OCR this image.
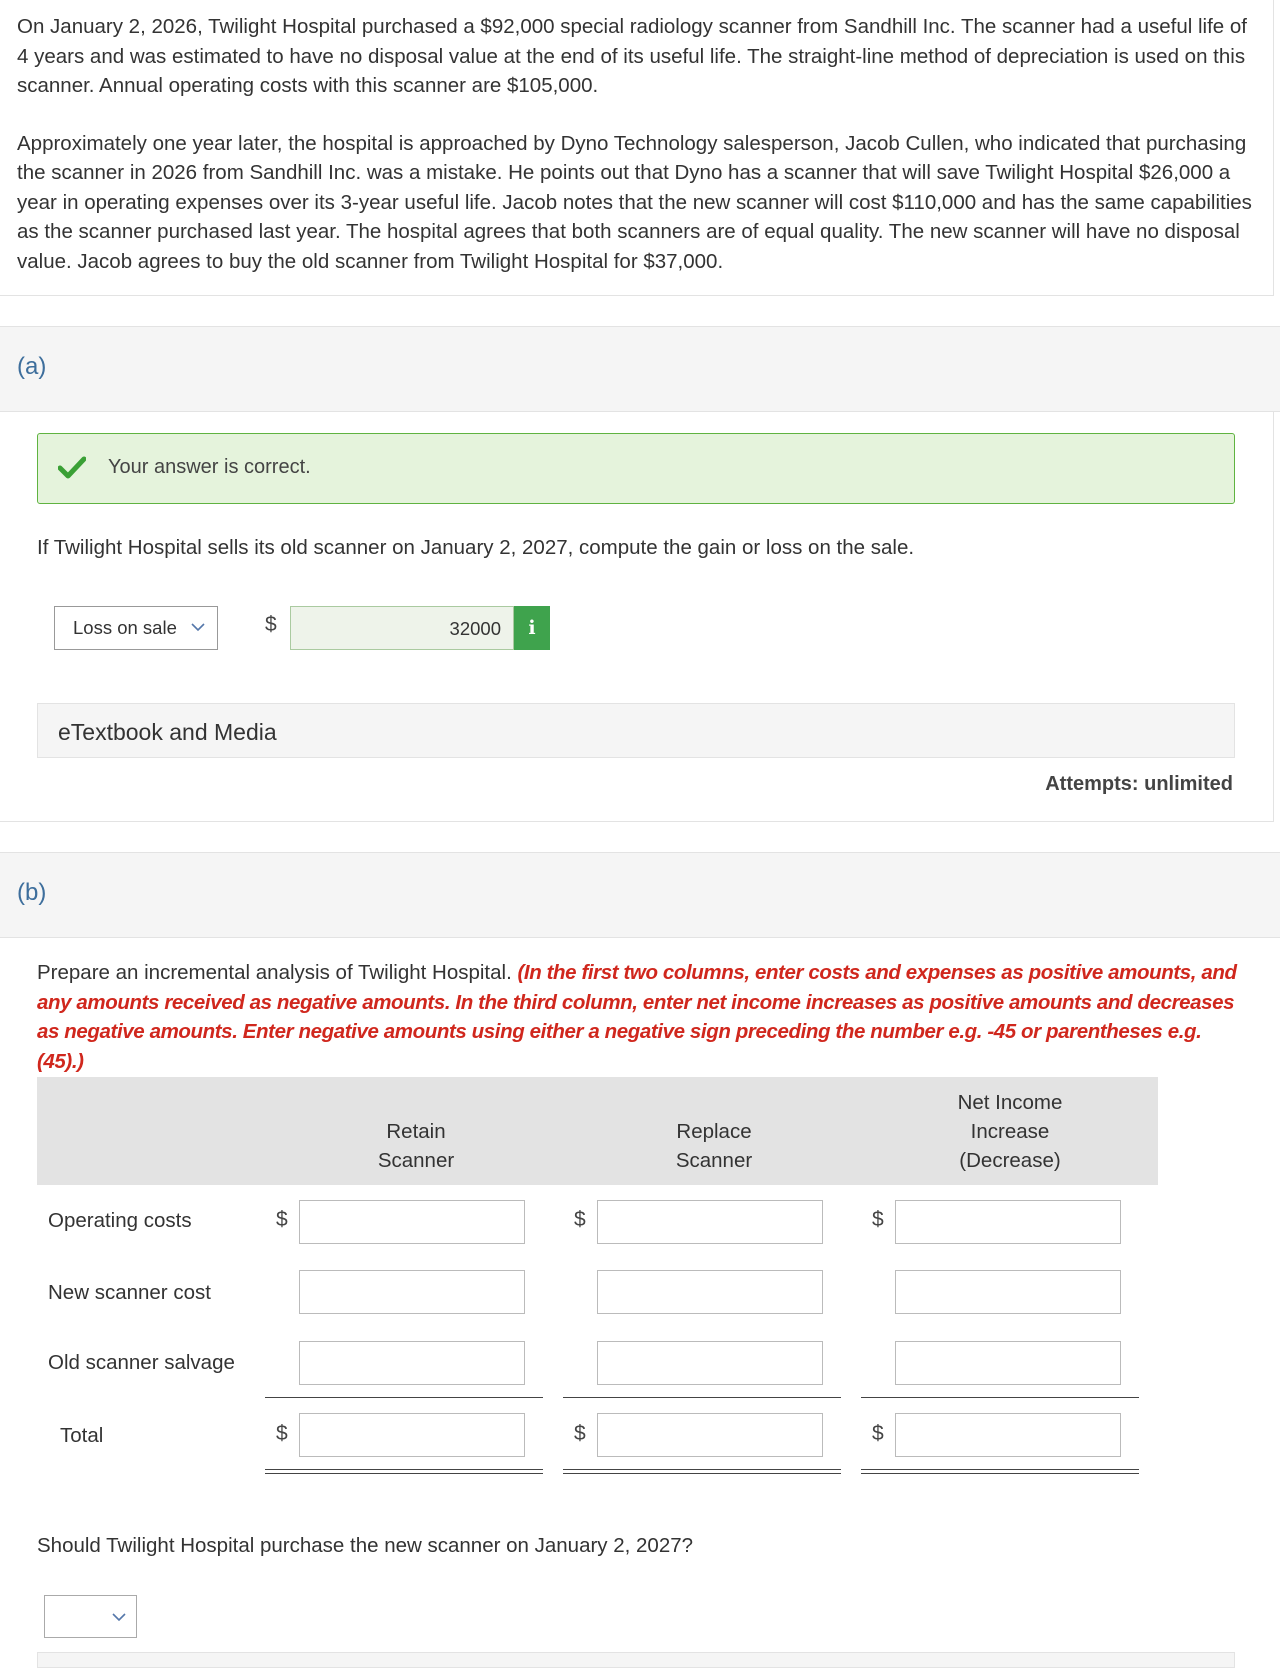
On January 2, 2026, Twilight Hospital purchased a $92,000 special radiology scanner from Sandhill Inc. The scanner had a useful life of 4 years and was estimated to have no disposal value at the end of its useful life. The straight-line method of depreciation is used on this scanner. Annual operating costs with this scanner are $105,000.

Approximately one year later, the hospital is approached by Dyno Technology salesperson, Jacob Cullen, who indicated that purchasing the scanner in 2026 from Sandhill Inc. was a mistake. He points out that Dyno has a scanner that will save Twilight Hospital $26,000 a year in operating expenses over its 3-year useful life. Jacob notes that the new scanner will cost $110,000 and has the same capabilities as the scanner purchased last year. The hospital agrees that both scanners are of equal quality. The new scanner will have no disposal value. Jacob agrees to buy the old scanner from Twilight Hospital for $37,000.

(a)
Your answer is correct.
If Twilight Hospital sells its old scanner on January 2, 2027, compute the gain or loss on the sale.
Loss on sale	$	32000	i
eTextbook and Media
Attempts: unlimited
(b)
Prepare an incremental analysis of Twilight Hospital. (In the first two columns, enter costs and expenses as positive amounts, and any amounts received as negative amounts. In the third column, enter net income increases as positive amounts and decreases as negative amounts. Enter negative amounts using either a negative sign preceding the number e.g. -45 or parentheses e.g. (45).)
Retain
Scanner
Replace
Scanner
Net Income
Increase
(Decrease)
Operating costs	$	$	$
New scanner cost
Old scanner salvage
Total	$	$	$
Should Twilight Hospital purchase the new scanner on January 2, 2027?
